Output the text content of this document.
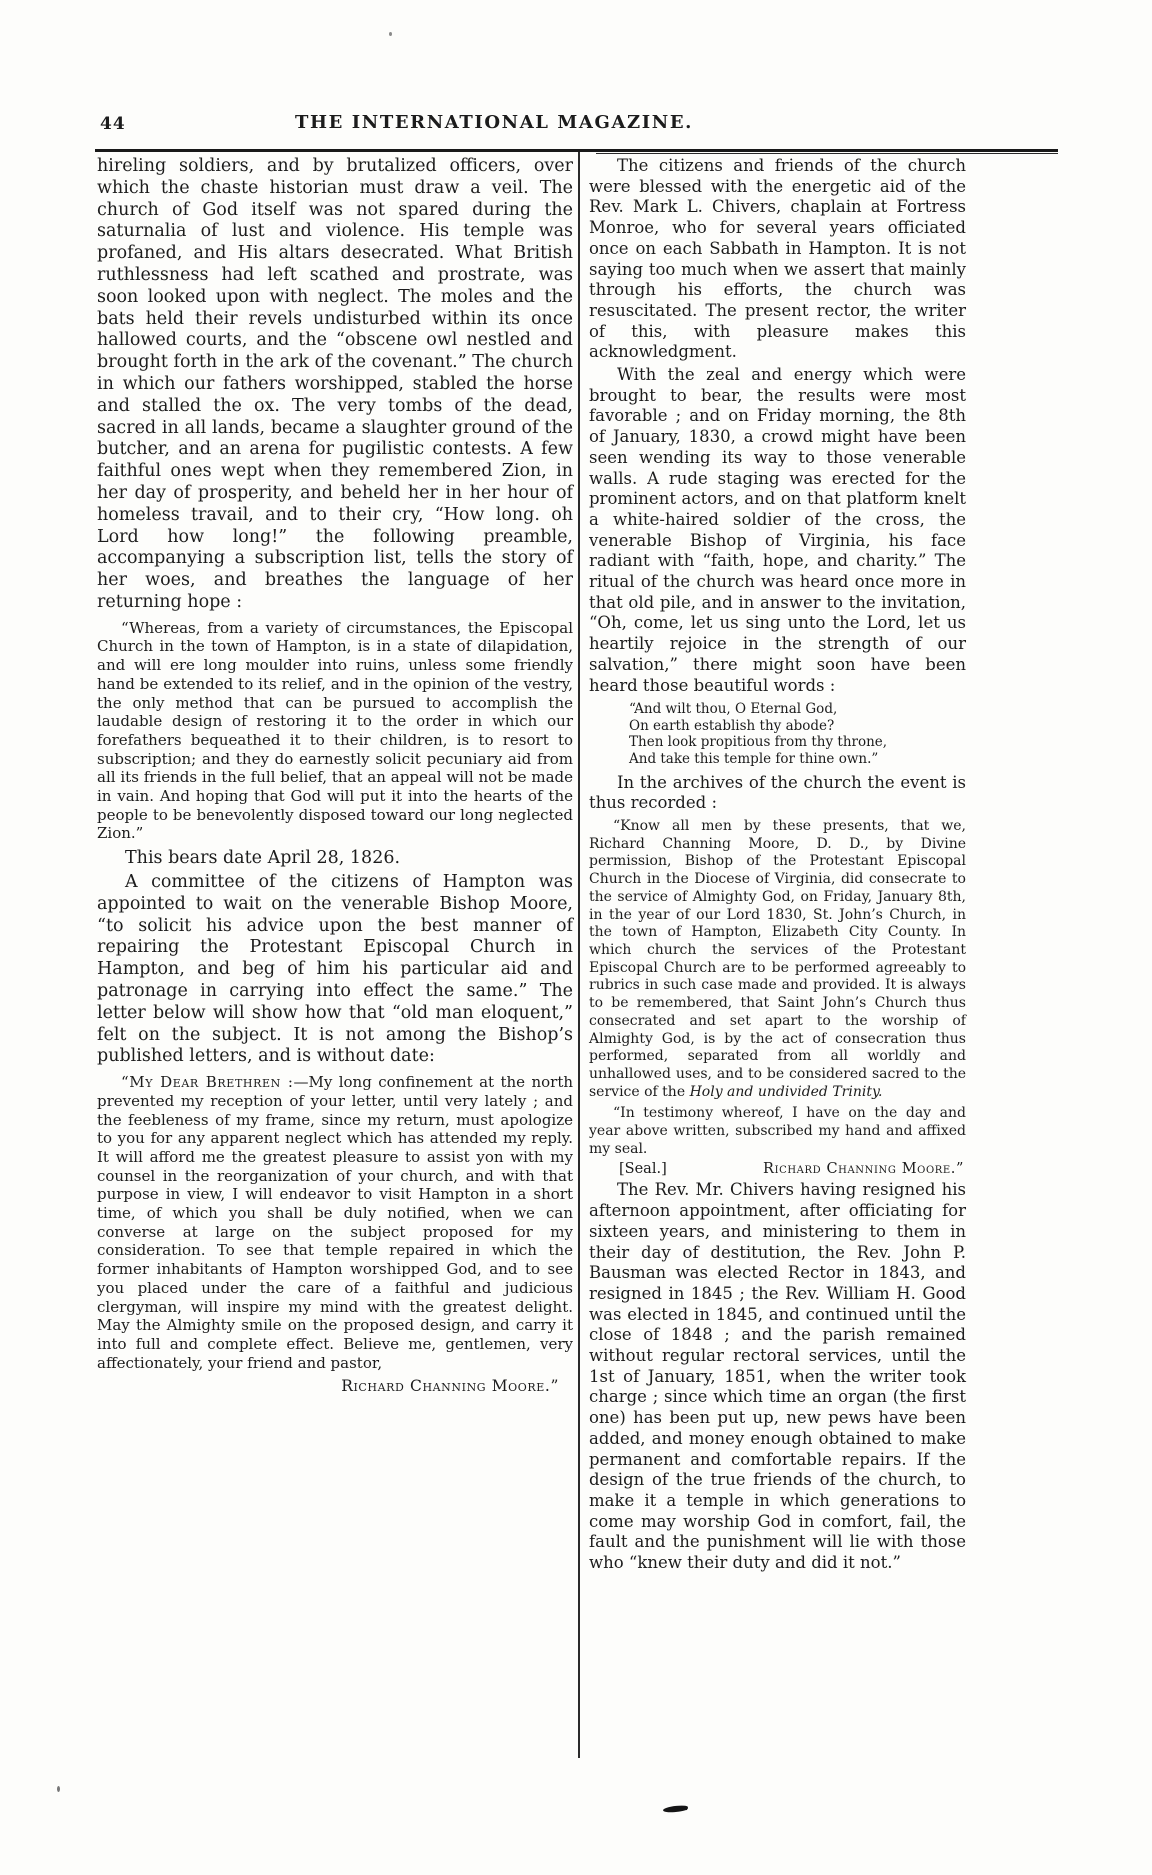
44	THE INTERNATIONAL MAGAZINE.

hireling soldiers, and by brutalized officers, over which the chaste historian must draw a veil. The church of God itself was not spared during the saturnalia of lust and violence. His temple was profaned, and His altars desecrated. What British ruthlessness had left scathed and prostrate, was soon looked upon with neglect. The moles and the bats held their revels undisturbed within its once hallowed courts, and the “obscene owl nestled and brought forth in the ark of the covenant.” The church in which our fathers worshipped, stabled the horse and stalled the ox. The very tombs of the dead, sacred in all lands, became a slaughter ground of the butcher, and an arena for pugilistic contests. A few faithful ones wept when they remembered Zion, in her day of prosperity, and beheld her in her hour of homeless travail, and to their cry, “How long. oh Lord how long!” the following preamble, accompanying a subscription list, tells the story of her woes, and breathes the language of her returning hope :

“Whereas, from a variety of circumstances, the Episcopal Church in the town of Hampton, is in a state of dilapidation, and will ere long moulder into ruins, unless some friendly hand be extended to its relief, and in the opinion of the vestry, the only method that can be pursued to accomplish the laudable design of restoring it to the order in which our forefathers bequeathed it to their children, is to resort to subscription; and they do earnestly solicit pecuniary aid from all its friends in the full belief, that an appeal will not be made in vain. And hoping that God will put it into the hearts of the people to be benevolently disposed toward our long neglected Zion.”

This bears date April 28, 1826.

A committee of the citizens of Hampton was appointed to wait on the venerable Bishop Moore, “to solicit his advice upon the best manner of repairing the Protestant Episcopal Church in Hampton, and beg of him his particular aid and patronage in carrying into effect the same.” The letter below will show how that “old man eloquent,” felt on the subject. It is not among the Bishop’s published letters, and is without date:

“My Dear Brethren :—My long confinement at the north prevented my reception of your letter, until very lately ; and the feebleness of my frame, since my return, must apologize to you for any apparent neglect which has attended my reply. It will afford me the greatest pleasure to assist yon with my counsel in the reorganization of your church, and with that purpose in view, I will endeavor to visit Hampton in a short time, of which you shall be duly notified, when we can converse at large on the subject proposed for my consideration. To see that temple repaired in which the former inhabitants of Hampton worshipped God, and to see you placed under the care of a faithful and judicious clergyman, will inspire my mind with the greatest delight. May the Almighty smile on the proposed design, and carry it into full and complete effect. Believe me, gentlemen, very affectionately, your friend and pastor,

Richard Channing Moore.”

The citizens and friends of the church were blessed with the energetic aid of the Rev. Mark L. Chivers, chaplain at Fortress Monroe, who for several years officiated once on each Sabbath in Hampton. It is not saying too much when we assert that mainly through his efforts, the church was resuscitated. The present rector, the writer of this, with pleasure makes this acknowledgment.

With the zeal and energy which were brought to bear, the results were most favorable ; and on Friday morning, the 8th of January, 1830, a crowd might have been seen wending its way to those venerable walls. A rude staging was erected for the prominent actors, and on that platform knelt a white-haired soldier of the cross, the venerable Bishop of Virginia, his face radiant with “faith, hope, and charity.” The ritual of the church was heard once more in that old pile, and in answer to the invitation, “Oh, come, let us sing unto the Lord, let us heartily rejoice in the strength of our salvation,” there might soon have been heard those beautiful words :

“And wilt thou, O Eternal God,
On earth establish thy abode?
Then look propitious from thy throne,
And take this temple for thine own.”

In the archives of the church the event is thus recorded :

“Know all men by these presents, that we, Richard Channing Moore, D. D., by Divine permission, Bishop of the Protestant Episcopal Church in the Diocese of Virginia, did consecrate to the service of Almighty God, on Friday, January 8th, in the year of our Lord 1830, St. John’s Church, in the town of Hampton, Elizabeth City County. In which church the services of the Protestant Episcopal Church are to be performed agreeably to rubrics in such case made and provided. It is always to be remembered, that Saint John’s Church thus consecrated and set apart to the worship of Almighty God, is by the act of consecration thus performed, separated from all worldly and unhallowed uses, and to be considered sacred to the service of the Holy and undivided Trinity.

“In testimony whereof, I have on the day and year above written, subscribed my hand and affixed my seal.

[Seal.]	Richard Channing Moore.”

The Rev. Mr. Chivers having resigned his afternoon appointment, after officiating for sixteen years, and ministering to them in their day of destitution, the Rev. John P. Bausman was elected Rector in 1843, and resigned in 1845 ; the Rev. William H. Good was elected in 1845, and continued until the close of 1848 ; and the parish remained without regular rectoral services, until the 1st of January, 1851, when the writer took charge ; since which time an organ (the first one) has been put up, new pews have been added, and money enough obtained to make permanent and comfortable repairs. If the design of the true friends of the church, to make it a temple in which generations to come may worship God in comfort, fail, the fault and the punishment will lie with those who “knew their duty and did it not.”
